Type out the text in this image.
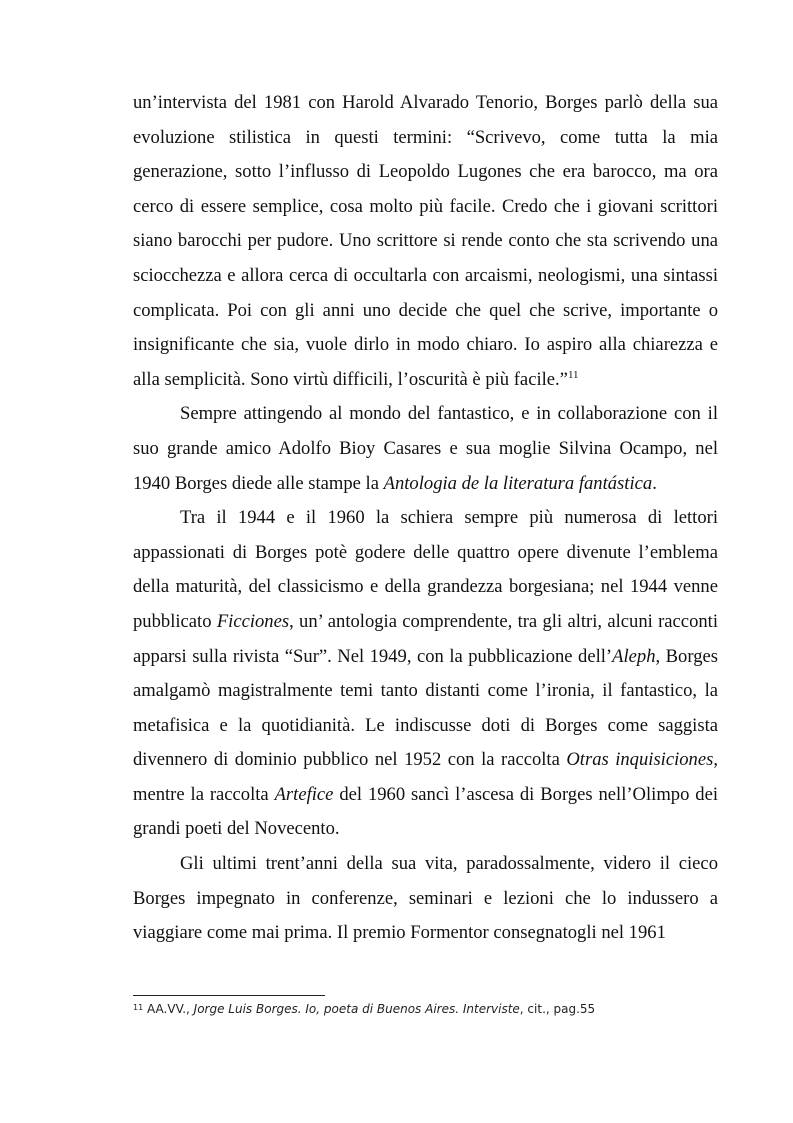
un’intervista del 1981 con Harold Alvarado Tenorio, Borges parlò della sua evoluzione stilistica in questi termini: “Scrivevo, come tutta la mia generazione, sotto l’influsso di Leopoldo Lugones che era barocco, ma ora cerco di essere semplice, cosa molto più facile. Credo che i giovani scrittori siano barocchi per pudore. Uno scrittore si rende conto che sta scrivendo una sciocchezza e allora cerca di occultarla con arcaismi, neologismi, una sintassi complicata. Poi con gli anni uno decide che quel che scrive, importante o insignificante che sia, vuole dirlo in modo chiaro. Io aspiro alla chiarezza e alla semplicità. Sono virtù difficili, l’oscurità è più facile.”$^{11}$

Sempre attingendo al mondo del fantastico, e in collaborazione con il suo grande amico Adolfo Bioy Casares e sua moglie Silvina Ocampo, nel 1940 Borges diede alle stampe la Antologia de la literatura fantástica.

Tra il 1944 e il 1960 la schiera sempre più numerosa di lettori appassionati di Borges potè godere delle quattro opere divenute l’emblema della maturità, del classicismo e della grandezza borgesiana; nel 1944 venne pubblicato Ficciones, un’ antologia comprendente, tra gli altri, alcuni racconti apparsi sulla rivista “Sur”. Nel 1949, con la pubblicazione dell’Aleph, Borges amalgamò magistralmente temi tanto distanti come l’ironia, il fantastico, la metafisica e la quotidianità. Le indiscusse doti di Borges come saggista divennero di dominio pubblico nel 1952 con la raccolta Otras inquisiciones, mentre la raccolta Artefice del 1960 sancì l’ascesa di Borges nell’Olimpo dei grandi poeti del Novecento.

Gli ultimi trent’anni della sua vita, paradossalmente, videro il cieco Borges impegnato in conferenze, seminari e lezioni che lo indussero a viaggiare come mai prima. Il premio Formentor consegnatogli nel 1961

$^{11}$ AA.VV., Jorge Luis Borges. Io, poeta di Buenos Aires. Interviste, cit., pag.55
